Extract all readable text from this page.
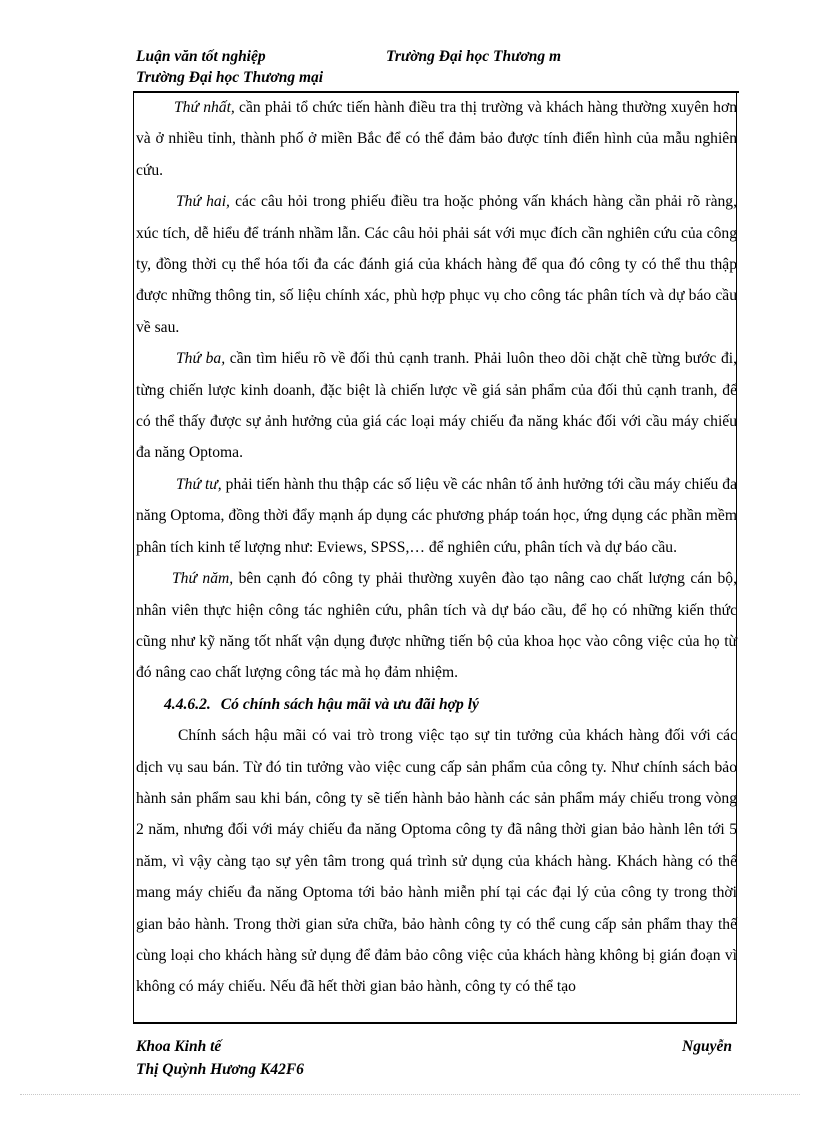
Luận văn tốt nghiệp	Trường Đại học Thương m
Trường Đại học Thương mại

Thứ nhất, cần phải tổ chức tiến hành điều tra thị trường và khách hàng thường xuyên hơn và ở nhiều tỉnh, thành phố ở miền Bắc để có thể đảm bảo được tính điển hình của mẫu nghiên cứu.

Thứ hai, các câu hỏi trong phiếu điều tra hoặc phỏng vấn khách hàng cần phải rõ ràng, xúc tích, dễ hiểu để tránh nhầm lẫn. Các câu hỏi phải sát với mục đích cần nghiên cứu của công ty, đồng thời cụ thể hóa tối đa các đánh giá của khách hàng để qua đó công ty có thể thu thập được những thông tin, số liệu chính xác, phù hợp phục vụ cho công tác phân tích và dự báo cầu về sau.

Thứ ba, cần tìm hiểu rõ về đối thủ cạnh tranh. Phải luôn theo dõi chặt chẽ từng bước đi, từng chiến lược kinh doanh, đặc biệt là chiến lược về giá sản phẩm của đối thủ cạnh tranh, để có thể thấy được sự ảnh hưởng của giá các loại máy chiếu đa năng khác đối với cầu máy chiếu đa năng Optoma.

Thứ tư, phải tiến hành thu thập các số liệu về các nhân tố ảnh hưởng tới cầu máy chiếu đa năng Optoma, đồng thời đẩy mạnh áp dụng các phương pháp toán học, ứng dụng các phần mềm phân tích kinh tế lượng như: Eviews, SPSS,… để nghiên cứu, phân tích và dự báo cầu.

Thứ năm, bên cạnh đó công ty phải thường xuyên đào tạo nâng cao chất lượng cán bộ, nhân viên thực hiện công tác nghiên cứu, phân tích và dự báo cầu, để họ có những kiến thức cũng như kỹ năng tốt nhất vận dụng được những tiến bộ của khoa học vào công việc của họ từ đó nâng cao chất lượng công tác mà họ đảm nhiệm.

4.4.6.2. Có chính sách hậu mãi và ưu đãi hợp lý

Chính sách hậu mãi có vai trò trong việc tạo sự tin tưởng của khách hàng đối với các dịch vụ sau bán. Từ đó tin tưởng vào việc cung cấp sản phẩm của công ty. Như chính sách bảo hành sản phẩm sau khi bán, công ty sẽ tiến hành bảo hành các sản phẩm máy chiếu trong vòng 2 năm, nhưng đối với máy chiếu đa năng Optoma công ty đã nâng thời gian bảo hành lên tới 5 năm, vì vậy càng tạo sự yên tâm trong quá trình sử dụng của khách hàng. Khách hàng có thể mang máy chiếu đa năng Optoma tới bảo hành miễn phí tại các đại lý của công ty trong thời gian bảo hành. Trong thời gian sửa chữa, bảo hành công ty có thể cung cấp sản phẩm thay thế cùng loại cho khách hàng sử dụng để đảm bảo công việc của khách hàng không bị gián đoạn vì không có máy chiếu. Nếu đã hết thời gian bảo hành, công ty có thể tạo

Khoa Kinh tế	Nguyễn
Thị Quỳnh Hương K42F6
